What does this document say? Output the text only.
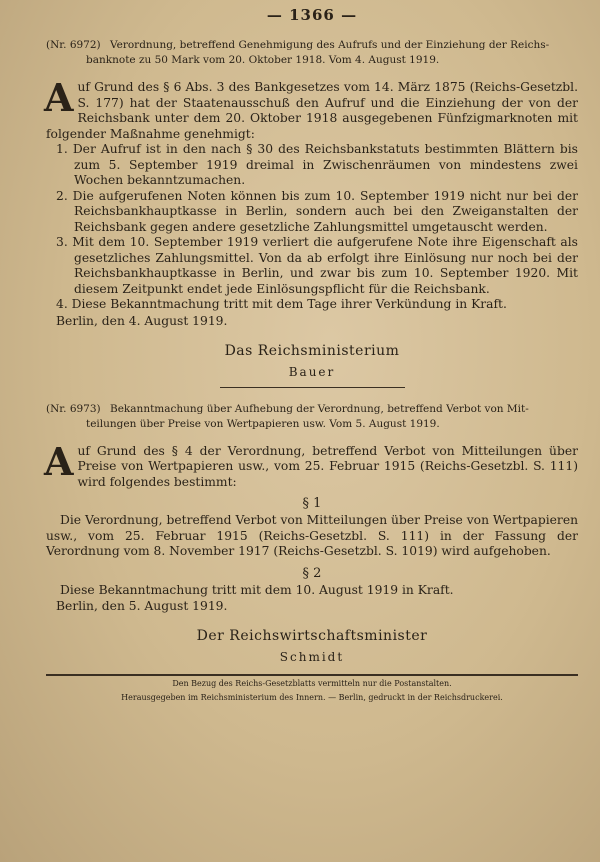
— 1366 —
(Nr. 6972) Verordnung, betreffend Genehmigung des Aufrufs und der Einziehung der Reichs-
banknote zu 50 Mark vom 20. Oktober 1918. Vom 4. August 1919.
Auf Grund des § 6 Abs. 3 des Bankgesetzes vom 14. März 1875 (Reichs-Gesetzbl. S. 177) hat der Staatenausschuß den Aufruf und die Einziehung der von der Reichsbank unter dem 20. Oktober 1918 ausgegebenen Fünfzigmarknoten mit folgender Maßnahme genehmigt:
1. Der Aufruf ist in den nach § 30 des Reichsbankstatuts bestimmten Blättern bis zum 5. September 1919 dreimal in Zwischenräumen von mindestens zwei Wochen bekanntzumachen.
2. Die aufgerufenen Noten können bis zum 10. September 1919 nicht nur bei der Reichsbankhauptkasse in Berlin, sondern auch bei den Zweiganstalten der Reichsbank gegen andere gesetzliche Zahlungsmittel umgetauscht werden.
3. Mit dem 10. September 1919 verliert die aufgerufene Note ihre Eigenschaft als gesetzliches Zahlungsmittel. Von da ab erfolgt ihre Einlösung nur noch bei der Reichsbankhauptkasse in Berlin, und zwar bis zum 10. September 1920. Mit diesem Zeitpunkt endet jede Einlösungspflicht für die Reichsbank.
4. Diese Bekanntmachung tritt mit dem Tage ihrer Verkündung in Kraft.
Berlin, den 4. August 1919.
Das Reichsministerium
Bauer
(Nr. 6973) Bekanntmachung über Aufhebung der Verordnung, betreffend Verbot von Mit-
teilungen über Preise von Wertpapieren usw. Vom 5. August 1919.
Auf Grund des § 4 der Verordnung, betreffend Verbot von Mitteilungen über Preise von Wertpapieren usw., vom 25. Februar 1915 (Reichs-Gesetzbl. S. 111) wird folgendes bestimmt:
§ 1
Die Verordnung, betreffend Verbot von Mitteilungen über Preise von Wertpapieren usw., vom 25. Februar 1915 (Reichs-Gesetzbl. S. 111) in der Fassung der Verordnung vom 8. November 1917 (Reichs-Gesetzbl. S. 1019) wird aufgehoben.
§ 2
Diese Bekanntmachung tritt mit dem 10. August 1919 in Kraft.
Berlin, den 5. August 1919.
Der Reichswirtschaftsminister
Schmidt
Den Bezug des Reichs-Gesetzblatts vermitteln nur die Postanstalten.
Herausgegeben im Reichsministerium des Innern. — Berlin, gedruckt in der Reichsdruckerei.
